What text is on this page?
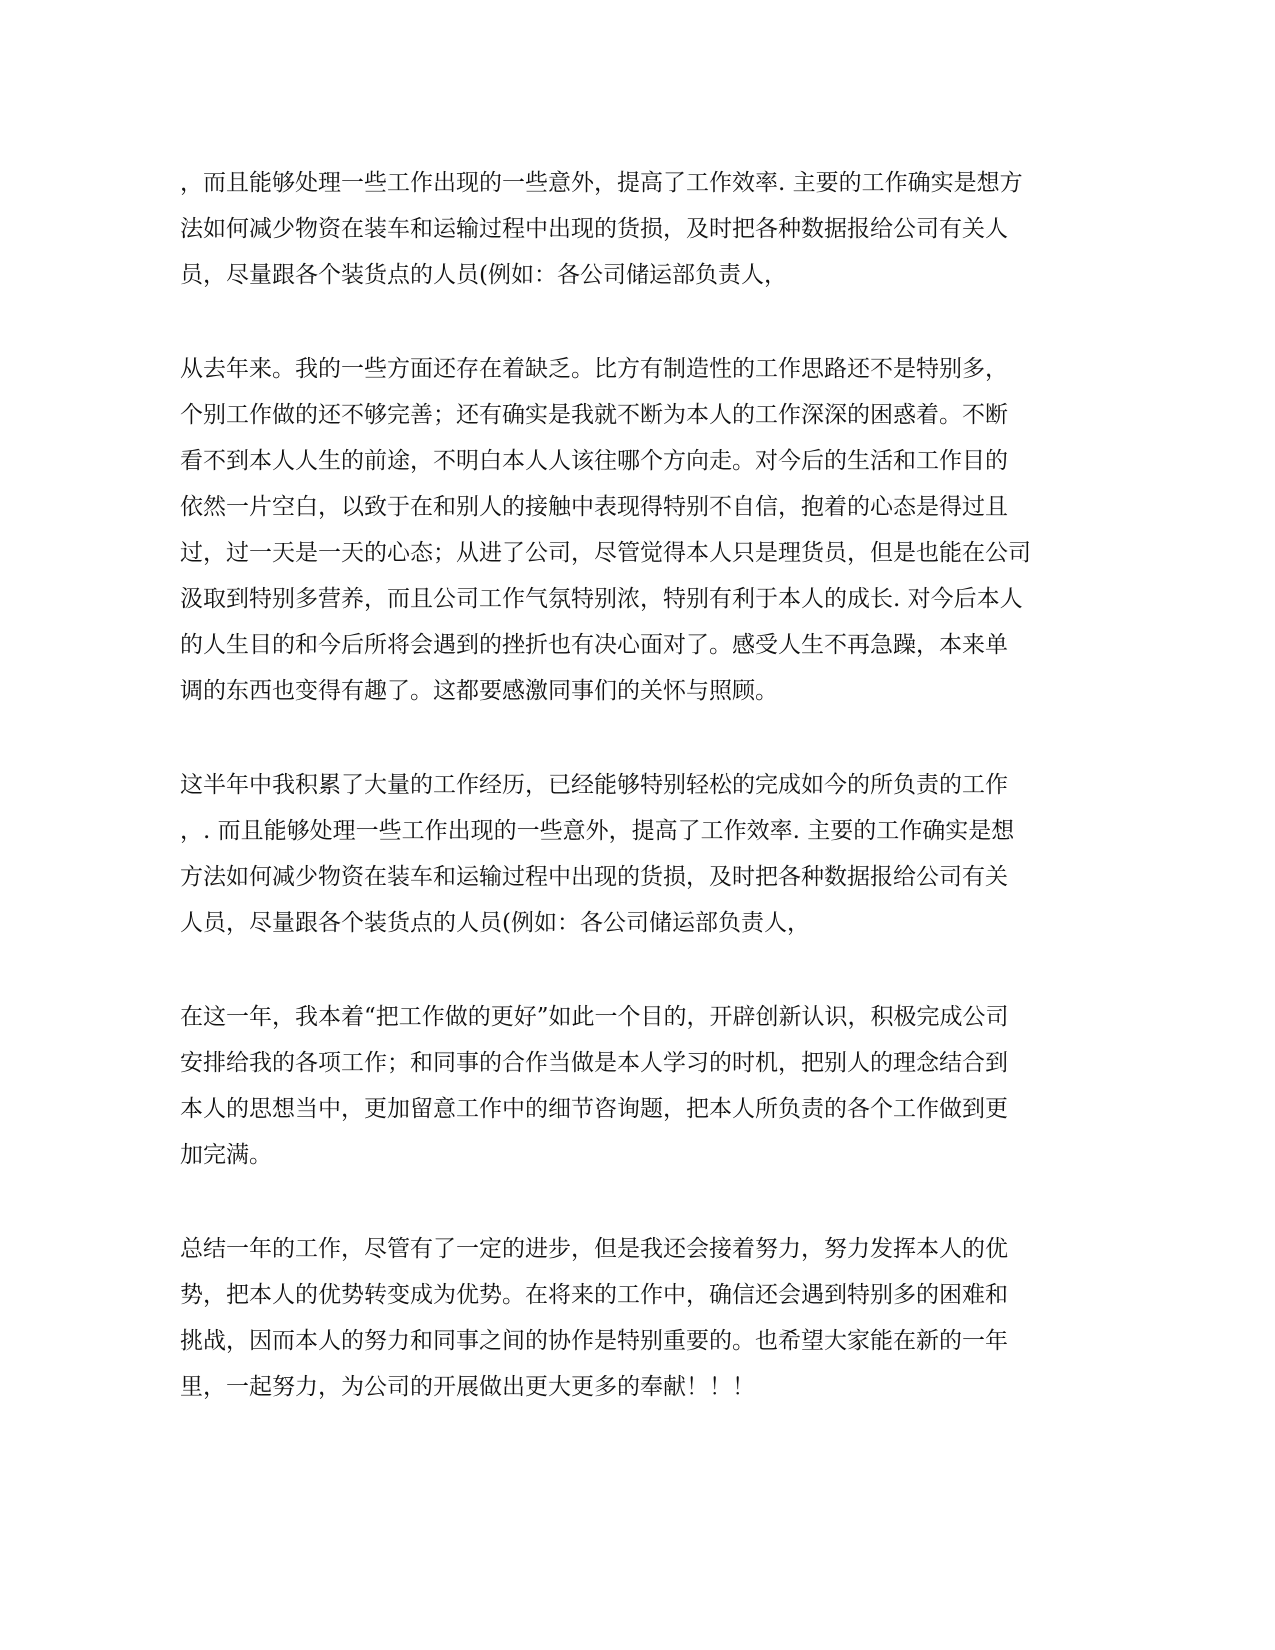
，而且能够处理一些工作出现的一些意外，提高了工作效率. 主要的工作确实是想方
法如何减少物资在装车和运输过程中出现的货损，及时把各种数据报给公司有关人
员，尽量跟各个装货点的人员(例如：各公司储运部负责人，
从去年来。我的一些方面还存在着缺乏。比方有制造性的工作思路还不是特别多，
个别工作做的还不够完善；还有确实是我就不断为本人的工作深深的困惑着。不断
看不到本人人生的前途，不明白本人人该往哪个方向走。对今后的生活和工作目的
依然一片空白，以致于在和别人的接触中表现得特别不自信，抱着的心态是得过且
过，过一天是一天的心态；从进了公司，尽管觉得本人只是理货员，但是也能在公司
汲取到特别多营养，而且公司工作气氛特别浓，特别有利于本人的成长. 对今后本人
的人生目的和今后所将会遇到的挫折也有决心面对了。感受人生不再急躁，本来单
调的东西也变得有趣了。这都要感激同事们的关怀与照顾。
这半年中我积累了大量的工作经历，已经能够特别轻松的完成如今的所负责的工作
，. 而且能够处理一些工作出现的一些意外，提高了工作效率. 主要的工作确实是想
方法如何减少物资在装车和运输过程中出现的货损，及时把各种数据报给公司有关
人员，尽量跟各个装货点的人员(例如：各公司储运部负责人，
在这一年，我本着“把工作做的更好”如此一个目的，开辟创新认识，积极完成公司
安排给我的各项工作；和同事的合作当做是本人学习的时机，把别人的理念结合到
本人的思想当中，更加留意工作中的细节咨询题，把本人所负责的各个工作做到更
加完满。
总结一年的工作，尽管有了一定的进步，但是我还会接着努力，努力发挥本人的优
势，把本人的优势转变成为优势。在将来的工作中，确信还会遇到特别多的困难和
挑战，因而本人的努力和同事之间的协作是特别重要的。也希望大家能在新的一年
里，一起努力，为公司的开展做出更大更多的奉献！！！
